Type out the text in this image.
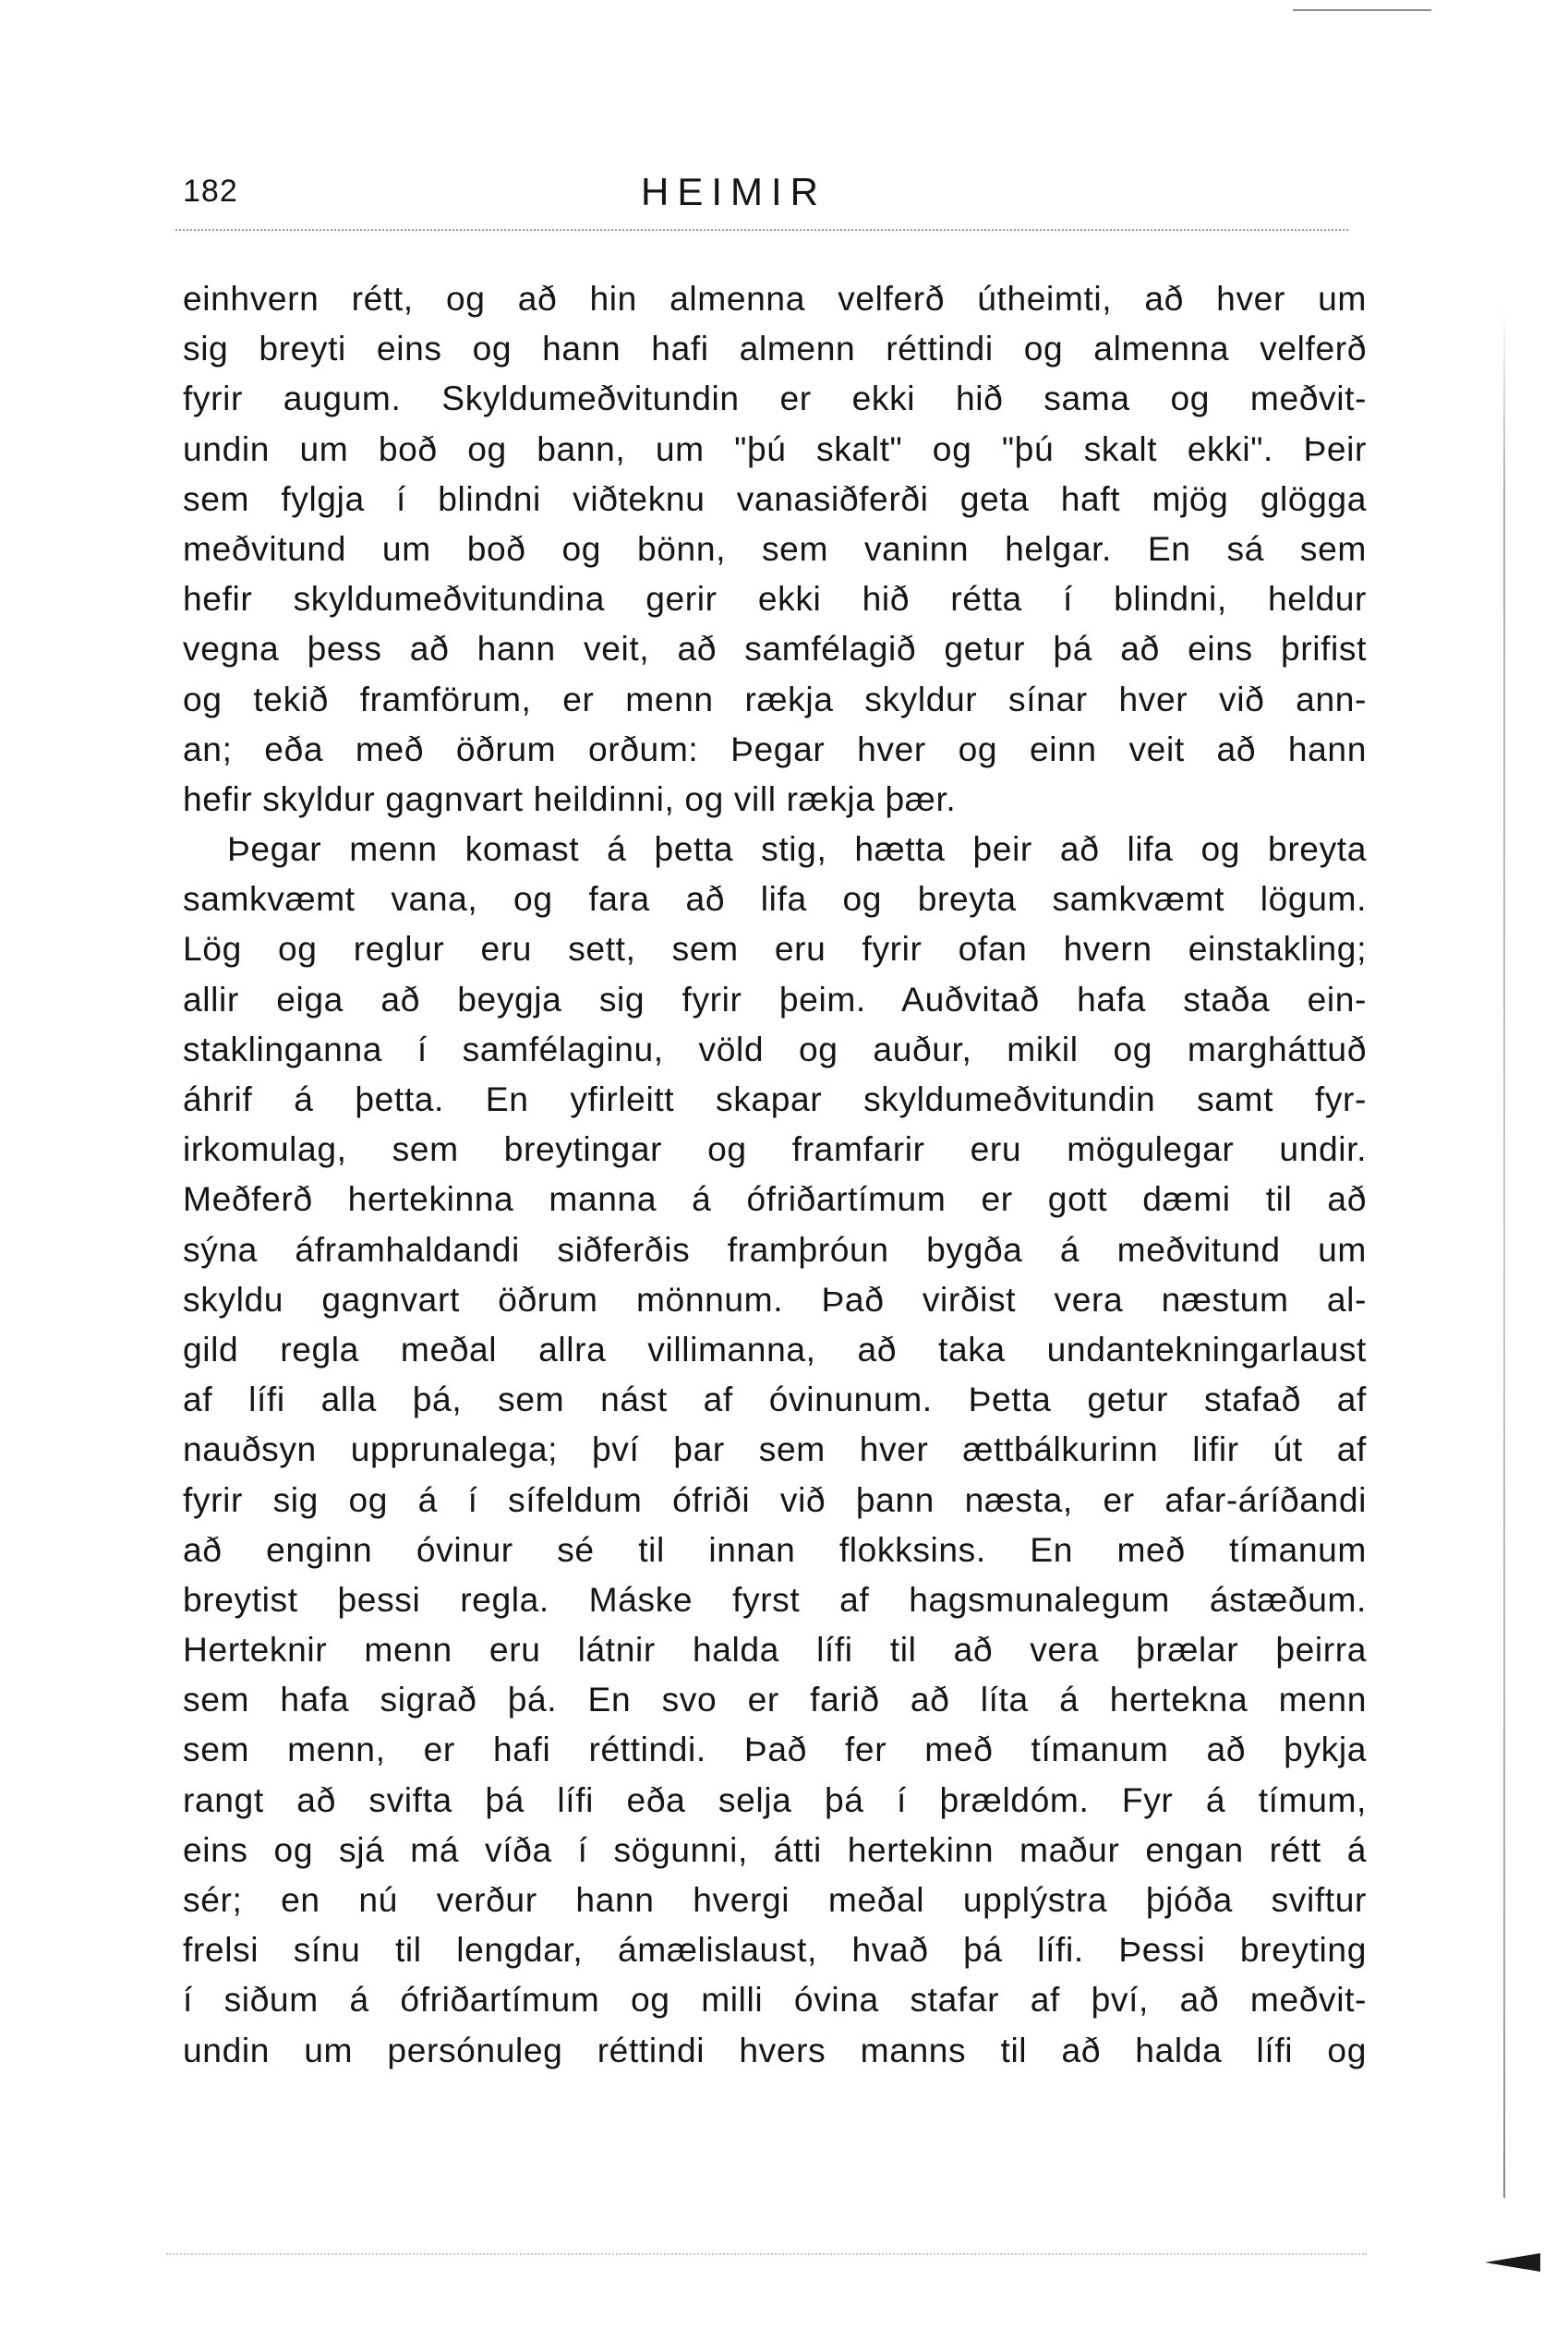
182	HEIMIR
einhvern rétt, og að hin almenna velferð útheimti, að hver um
sig breyti eins og hann hafi almenn réttindi og almenna velferð
fyrir augum. Skyldumeðvitundin er ekki hið sama og meðvit-
undin um boð og bann, um "þú skalt" og "þú skalt ekki". Þeir
sem fylgja í blindni viðteknu vanasiðferði geta haft mjög glögga
meðvitund um boð og bönn, sem vaninn helgar. En sá sem
hefir skyldumeðvitundina gerir ekki hið rétta í blindni, heldur
vegna þess að hann veit, að samfélagið getur þá að eins þrifist
og tekið framförum, er menn rækja skyldur sínar hver við ann-
an; eða með öðrum orðum: Þegar hver og einn veit að hann
hefir skyldur gagnvart heildinni, og vill rækja þær.
Þegar menn komast á þetta stig, hætta þeir að lifa og breyta
samkvæmt vana, og fara að lifa og breyta samkvæmt lögum.
Lög og reglur eru sett, sem eru fyrir ofan hvern einstakling;
allir eiga að beygja sig fyrir þeim. Auðvitað hafa staða ein-
staklinganna í samfélaginu, völd og auður, mikil og margháttuð
áhrif á þetta. En yfirleitt skapar skyldumeðvitundin samt fyr-
irkomulag, sem breytingar og framfarir eru mögulegar undir.
Meðferð hertekinna manna á ófriðartímum er gott dæmi til að
sýna áframhaldandi siðferðis framþróun bygða á meðvitund um
skyldu gagnvart öðrum mönnum. Það virðist vera næstum al-
gild regla meðal allra villimanna, að taka undantekningarlaust
af lífi alla þá, sem nást af óvinunum. Þetta getur stafað af
nauðsyn upprunalega; því þar sem hver ættbálkurinn lifir út af
fyrir sig og á í sífeldum ófriði við þann næsta, er afar-áríðandi
að enginn óvinur sé til innan flokksins. En með tímanum
breytist þessi regla. Máske fyrst af hagsmunalegum ástæðum.
Herteknir menn eru látnir halda lífi til að vera þrælar þeirra
sem hafa sigrað þá. En svo er farið að líta á hertekna menn
sem menn, er hafi réttindi. Það fer með tímanum að þykja
rangt að svifta þá lífi eða selja þá í þrældóm. Fyr á tímum,
eins og sjá má víða í sögunni, átti hertekinn maður engan rétt á
sér; en nú verður hann hvergi meðal upplýstra þjóða sviftur
frelsi sínu til lengdar, ámælislaust, hvað þá lífi. Þessi breyting
í siðum á ófriðartímum og milli óvina stafar af því, að meðvit-
undin um persónuleg réttindi hvers manns til að halda lífi og
